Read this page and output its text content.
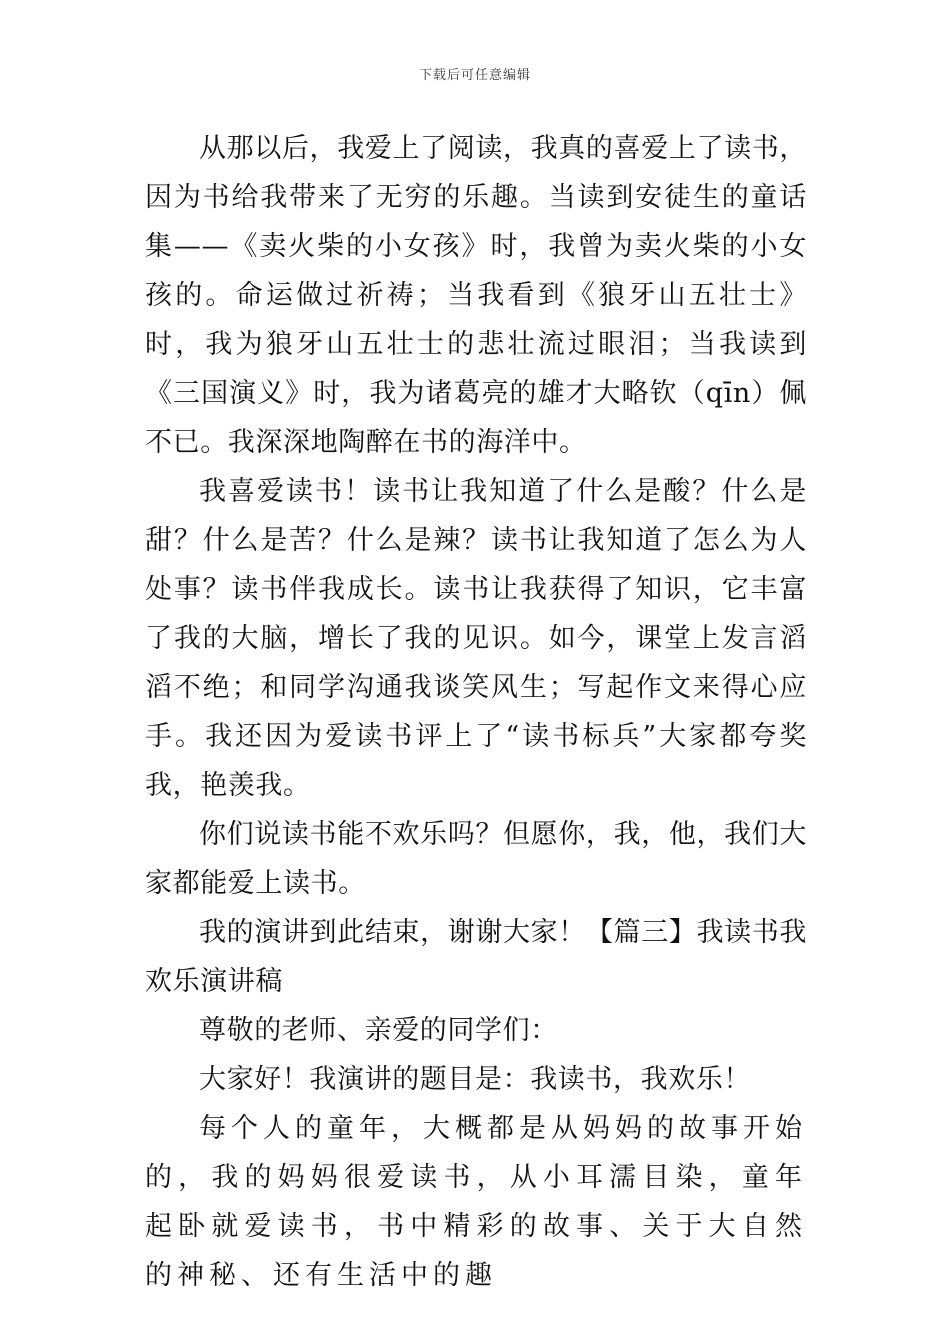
下载后可任意编辑

从那以后，我爱上了阅读，我真的喜爱上了读书，因为书给我带来了无穷的乐趣。当读到安徒生的童话集——《卖火柴的小女孩》时，我曾为卖火柴的小女孩的。命运做过祈祷；当我看到《狼牙山五壮士》时，我为狼牙山五壮士的悲壮流过眼泪；当我读到《三国演义》时，我为诸葛亮的雄才大略钦（qīn）佩不已。我深深地陶醉在书的海洋中。

我喜爱读书！读书让我知道了什么是酸？什么是甜？什么是苦？什么是辣？读书让我知道了怎么为人处事？读书伴我成长。读书让我获得了知识，它丰富了我的大脑，增长了我的见识。如今，课堂上发言滔滔不绝；和同学沟通我谈笑风生；写起作文来得心应手。我还因为爱读书评上了“读书标兵”大家都夸奖我，艳羡我。

你们说读书能不欢乐吗？但愿你，我，他，我们大家都能爱上读书。

我的演讲到此结束，谢谢大家！【篇三】我读书我欢乐演讲稿

尊敬的老师、亲爱的同学们：

大家好！我演讲的题目是：我读书，我欢乐！

每个人的童年，大概都是从妈妈的故事开始的，我的妈妈很爱读书，从小耳濡目染，童年起卧就爱读书，书中精彩的故事、关于大自然的神秘、还有生活中的趣
